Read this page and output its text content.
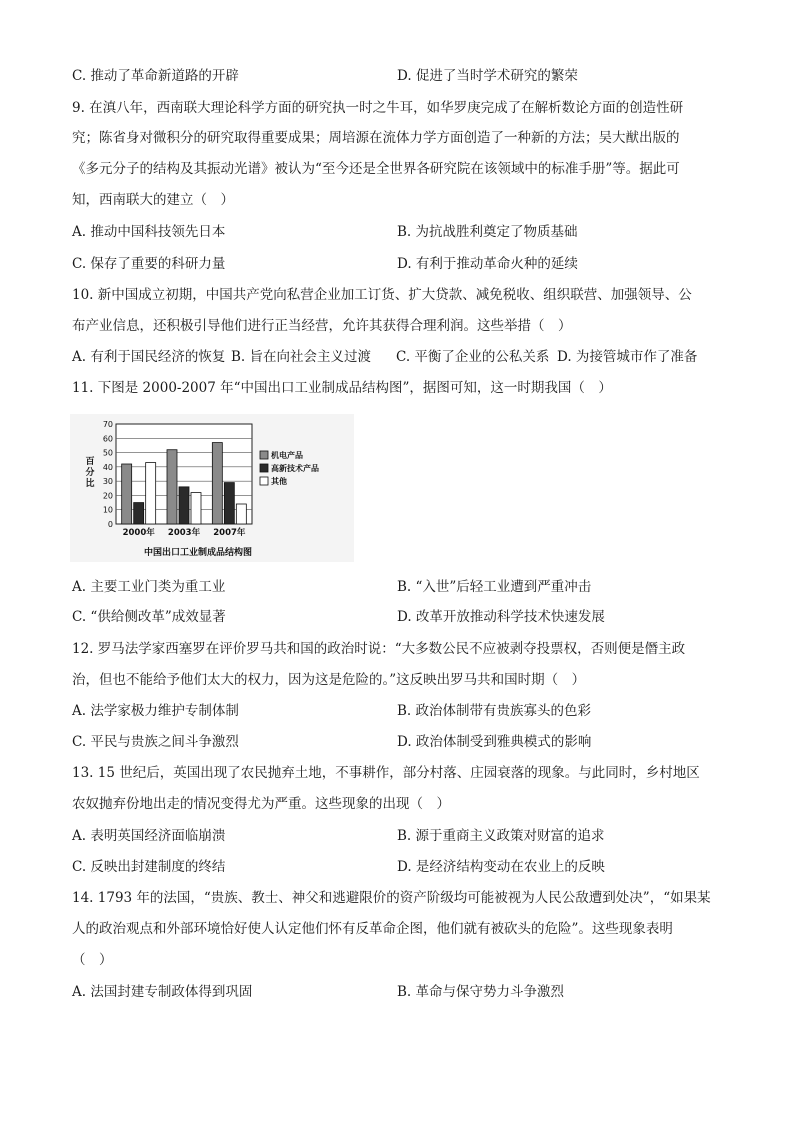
C. 推动了革命新道路的开辟	D. 促进了当时学术研究的繁荣
9. 在滇八年，西南联大理论科学方面的研究执一时之牛耳，如华罗庚完成了在解析数论方面的创造性研
究；陈省身对微积分的研究取得重要成果；周培源在流体力学方面创造了一种新的方法；吴大猷出版的
《多元分子的结构及其振动光谱》被认为“至今还是全世界各研究院在该领域中的标准手册”等。据此可
知，西南联大的建立（　）
A. 推动中国科技领先日本	B. 为抗战胜利奠定了物质基础
C. 保存了重要的科研力量	D. 有利于推动革命火种的延续
10. 新中国成立初期，中国共产党向私营企业加工订货、扩大贷款、减免税收、组织联营、加强领导、公
布产业信息，还积极引导他们进行正当经营，允许其获得合理利润。这些举措（　）
A. 有利于国民经济的恢复 B. 旨在向社会主义过渡 C. 平衡了企业的公私关系 D. 为接管城市作了准备
11. 下图是 2000-2007 年“中国出口工业制成品结构图”，据图可知，这一时期我国（　）
0
10
20
30
40
50
60
70
百
分
比
2000年 2003年 2007年
机电产品
高新技术产品
其他
中国出口工业制成品结构图
A. 主要工业门类为重工业	B. “入世”后轻工业遭到严重冲击
C. “供给侧改革”成效显著	D. 改革开放推动科学技术快速发展
12. 罗马法学家西塞罗在评价罗马共和国的政治时说：“大多数公民不应被剥夺投票权，否则便是僭主政
治，但也不能给予他们太大的权力，因为这是危险的。”这反映出罗马共和国时期（　）
A. 法学家极力维护专制体制	B. 政治体制带有贵族寡头的色彩
C. 平民与贵族之间斗争激烈	D. 政治体制受到雅典模式的影响
13. 15 世纪后，英国出现了农民抛弃土地，不事耕作，部分村落、庄园衰落的现象。与此同时，乡村地区
农奴抛弃份地出走的情况变得尤为严重。这些现象的出现（　）
A. 表明英国经济面临崩溃	B. 源于重商主义政策对财富的追求
C. 反映出封建制度的终结	D. 是经济结构变动在农业上的反映
14. 1793 年的法国，“贵族、教士、神父和逃避限价的资产阶级均可能被视为人民公敌遭到处决”，“如果某
人的政治观点和外部环境恰好使人认定他们怀有反革命企图，他们就有被砍头的危险”。这些现象表明
（　）
A. 法国封建专制政体得到巩固	B. 革命与保守势力斗争激烈
